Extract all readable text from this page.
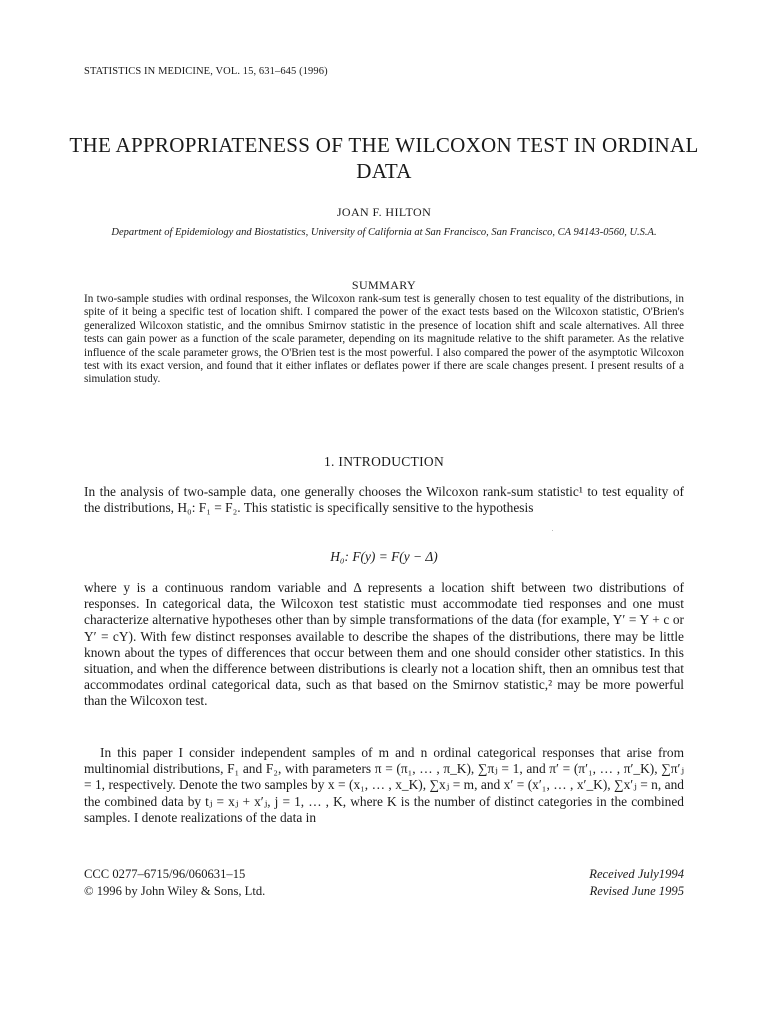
STATISTICS IN MEDICINE, VOL. 15, 631–645 (1996)
THE APPROPRIATENESS OF THE WILCOXON TEST IN ORDINAL DATA
JOAN F. HILTON
Department of Epidemiology and Biostatistics, University of California at San Francisco, San Francisco, CA 94143-0560, U.S.A.
SUMMARY

In two-sample studies with ordinal responses, the Wilcoxon rank-sum test is generally chosen to test equality of the distributions, in spite of it being a specific test of location shift. I compared the power of the exact tests based on the Wilcoxon statistic, O'Brien's generalized Wilcoxon statistic, and the omnibus Smirnov statistic in the presence of location shift and scale alternatives. All three tests can gain power as a function of the scale parameter, depending on its magnitude relative to the shift parameter. As the relative influence of the scale parameter grows, the O'Brien test is the most powerful. I also compared the power of the asymptotic Wilcoxon test with its exact version, and found that it either inflates or deflates power if there are scale changes present. I present results of a simulation study.

1. INTRODUCTION

In the analysis of two-sample data, one generally chooses the Wilcoxon rank-sum statistic¹ to test equality of the distributions, H₀: F₁ = F₂. This statistic is specifically sensitive to the hypothesis

H₀: F(y) = F(y − Δ)

where y is a continuous random variable and Δ represents a location shift between two distributions of responses. In categorical data, the Wilcoxon test statistic must accommodate tied responses and one must characterize alternative hypotheses other than by simple transformations of the data (for example, Y′ = Y + c or Y′ = cY). With few distinct responses available to describe the shapes of the distributions, there may be little known about the types of differences that occur between them and one should consider other statistics. In this situation, and when the difference between distributions is clearly not a location shift, then an omnibus test that accommodates ordinal categorical data, such as that based on the Smirnov statistic,² may be more powerful than the Wilcoxon test.

In this paper I consider independent samples of m and n ordinal categorical responses that arise from multinomial distributions, F₁ and F₂, with parameters π = (π₁, … , π_K), ∑πⱼ = 1, and π′ = (π′₁, … , π′_K), ∑π′ⱼ = 1, respectively. Denote the two samples by x = (x₁, … , x_K), ∑xⱼ = m, and x′ = (x′₁, … , x′_K), ∑x′ⱼ = n, and the combined data by tⱼ = xⱼ + x′ⱼ, j = 1, … , K, where K is the number of distinct categories in the combined samples. I denote realizations of the data in

CCC 0277–6715/96/060631–15
© 1996 by John Wiley & Sons, Ltd.
Received July1994
Revised June 1995
